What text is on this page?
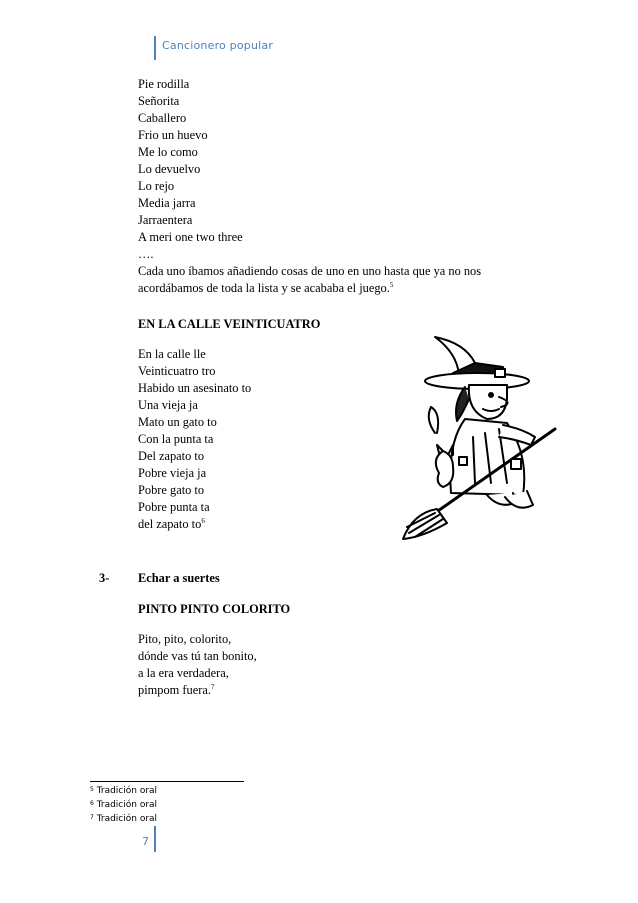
Cancionero popular
Pie rodilla
Señorita
Caballero
Frio un huevo
Me lo como
Lo devuelvo
Lo rejo
Media jarra
Jarraentera
A meri one two three
….
Cada uno íbamos añadiendo cosas de uno en uno hasta que ya no nos
acordábamos de toda la lista y se acababa el juego.$^5$
EN LA CALLE VEINTICUATRO
En la calle lle
Veinticuatro tro
Habido un asesinato to
Una vieja ja
Mato un gato to
Con la punta ta
Del zapato to
Pobre vieja ja
Pobre gato to
Pobre punta ta
del zapato $to^6$
3- Echar a suertes
PINTO PINTO COLORITO
Pito, pito, colorito,
dónde vas tú tan bonito,
a la era verdadera,
pimpom fuera.$^7$
$^5$ Tradición oral
$^6$ Tradición oral
$^7$ Tradición oral
7
